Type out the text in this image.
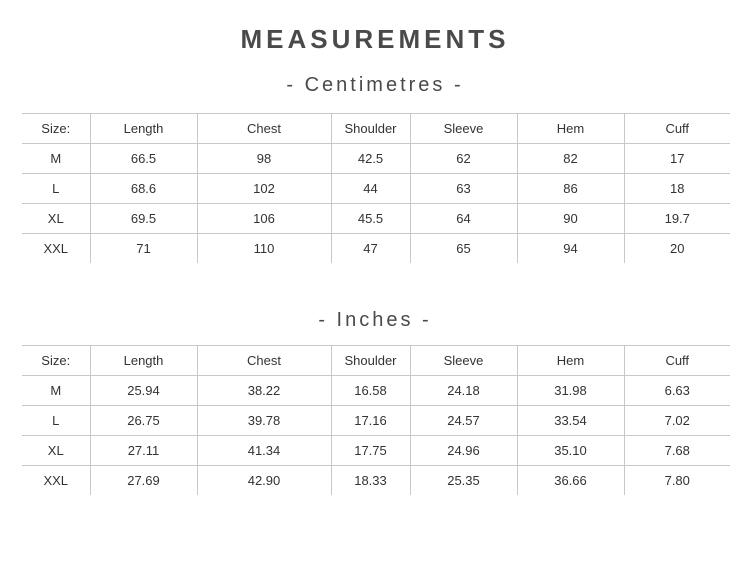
MEASUREMENTS
- Centimetres -
Size:	Length	Chest	Shoulder	Sleeve	Hem	Cuff
M	66.5	98	42.5	62	82	17
L	68.6	102	44	63	86	18
XL	69.5	106	45.5	64	90	19.7
XXL	71	110	47	65	94	20
- Inches -
Size:	Length	Chest	Shoulder	Sleeve	Hem	Cuff
M	25.94	38.22	16.58	24.18	31.98	6.63
L	26.75	39.78	17.16	24.57	33.54	7.02
XL	27.11	41.34	17.75	24.96	35.10	7.68
XXL	27.69	42.90	18.33	25.35	36.66	7.80
